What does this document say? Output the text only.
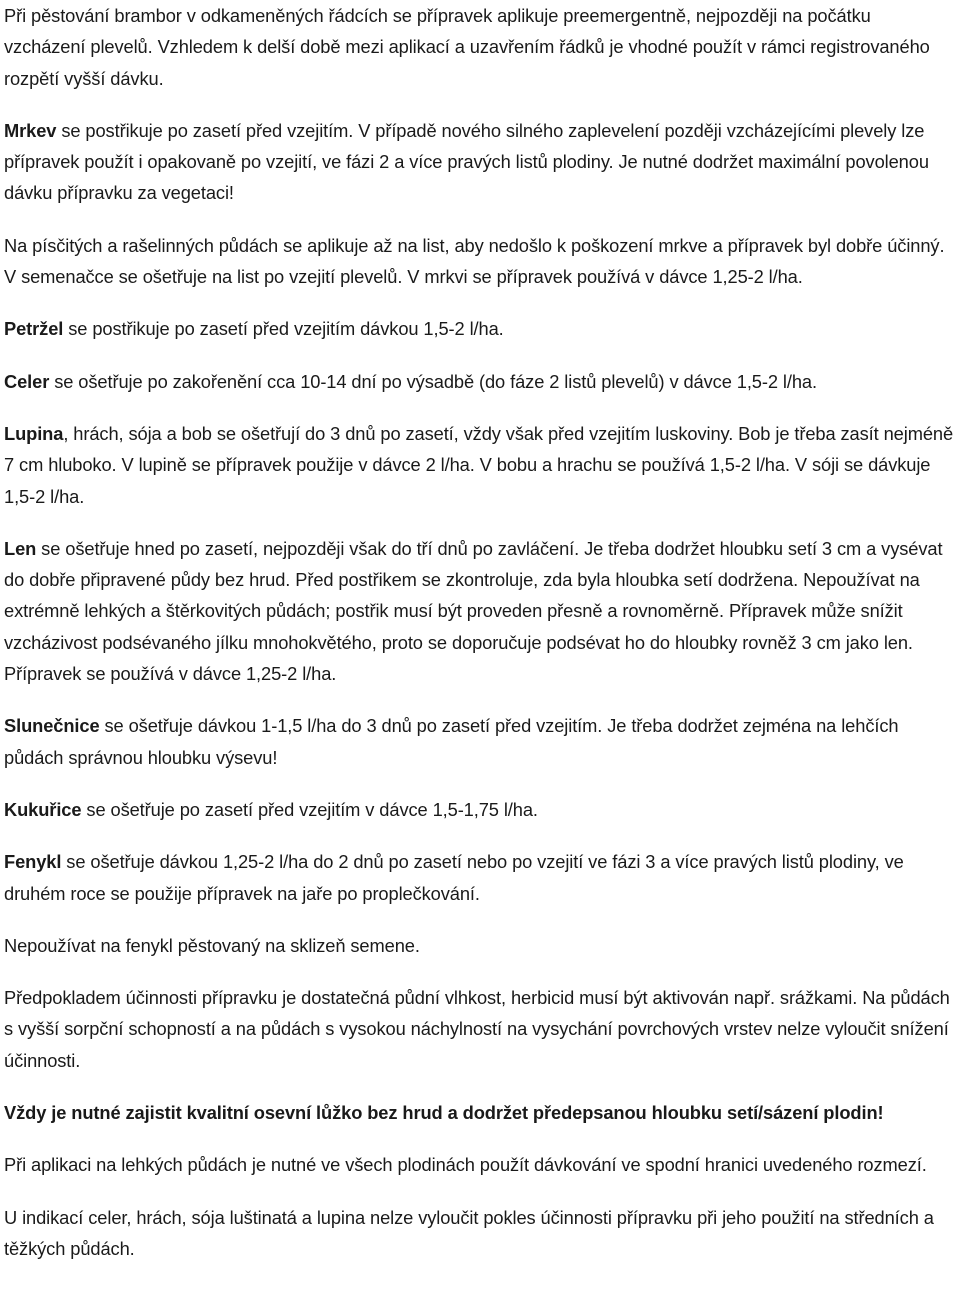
Při pěstování brambor v odkameněných řádcích se přípravek aplikuje preemergentně, nejpozději na počátku vzcházení plevelů. Vzhledem k delší době mezi aplikací a uzavřením řádků je vhodné použít v rámci registrovaného rozpětí vyšší dávku.

Mrkev se postřikuje po zasetí před vzejitím. V případě nového silného zaplevelení později vzcházejícími plevely lze přípravek použít i opakovaně po vzejití, ve fázi 2 a více pravých listů plodiny. Je nutné dodržet maximální povolenou dávku přípravku za vegetaci!

Na písčitých a rašelinných půdách se aplikuje až na list, aby nedošlo k poškození mrkve a přípravek byl dobře účinný. V semenačce se ošetřuje na list po vzejití plevelů. V mrkvi se přípravek používá v dávce 1,25-2 l/ha.

Petržel se postřikuje po zasetí před vzejitím dávkou 1,5-2 l/ha.

Celer se ošetřuje po zakořenění cca 10-14 dní po výsadbě (do fáze 2 listů plevelů) v dávce 1,5-2 l/ha.

Lupina, hrách, sója a bob se ošetřují do 3 dnů po zasetí, vždy však před vzejitím luskoviny. Bob je třeba zasít nejméně 7 cm hluboko. V lupině se přípravek použije v dávce 2 l/ha. V bobu a hrachu se používá 1,5-2 l/ha. V sóji se dávkuje 1,5-2 l/ha.

Len se ošetřuje hned po zasetí, nejpozději však do tří dnů po zavláčení. Je třeba dodržet hloubku setí 3 cm a vysévat do dobře připravené půdy bez hrud. Před postřikem se zkontroluje, zda byla hloubka setí dodržena. Nepoužívat na extrémně lehkých a štěrkovitých půdách; postřik musí být proveden přesně a rovnoměrně. Přípravek může snížit vzcházivost podsévaného jílku mnohokvětého, proto se doporučuje podsévat ho do hloubky rovněž 3 cm jako len. Přípravek se používá v dávce 1,25-2 l/ha.

Slunečnice se ošetřuje dávkou 1-1,5 l/ha do 3 dnů po zasetí před vzejitím. Je třeba dodržet zejména na lehčích půdách správnou hloubku výsevu!

Kukuřice se ošetřuje po zasetí před vzejitím v dávce 1,5-1,75 l/ha.

Fenykl se ošetřuje dávkou 1,25-2 l/ha do 2 dnů po zasetí nebo po vzejití ve fázi 3 a více pravých listů plodiny, ve druhém roce se použije přípravek na jaře po proplečkování.

Nepoužívat na fenykl pěstovaný na sklizeň semene.

Předpokladem účinnosti přípravku je dostatečná půdní vlhkost, herbicid musí být aktivován např. srážkami. Na půdách s vyšší sorpční schopností a na půdách s vysokou náchylností na vysychání povrchových vrstev nelze vyloučit snížení účinnosti.

Vždy je nutné zajistit kvalitní osevní lůžko bez hrud a dodržet předepsanou hloubku setí/sázení plodin!

Při aplikaci na lehkých půdách je nutné ve všech plodinách použít dávkování ve spodní hranici uvedeného rozmezí.

U indikací celer, hrách, sója luštinatá a lupina nelze vyloučit pokles účinnosti přípravku při jeho použití na středních a těžkých půdách.
